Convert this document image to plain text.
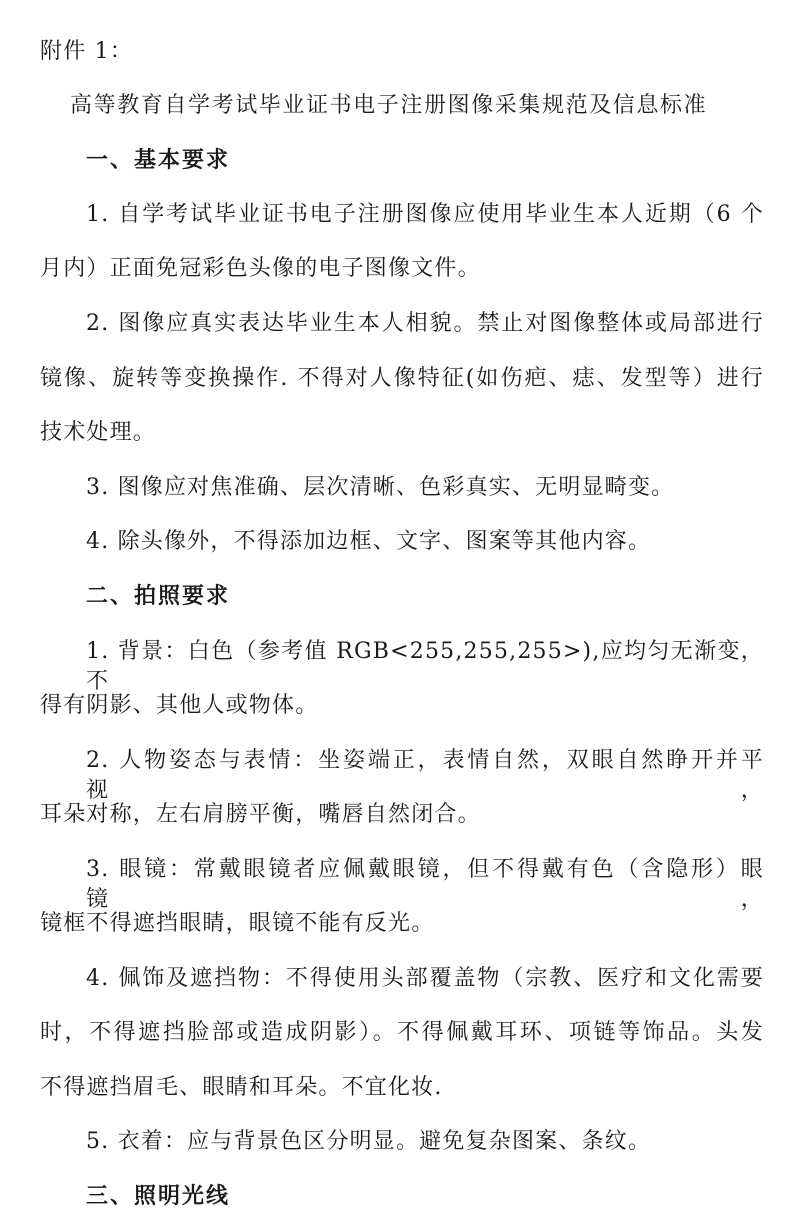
附件 1：
高等教育自学考试毕业证书电子注册图像采集规范及信息标准
一、基本要求
1. 自学考试毕业证书电子注册图像应使用毕业生本人近期（6 个
月内）正面免冠彩色头像的电子图像文件。
2. 图像应真实表达毕业生本人相貌。禁止对图像整体或局部进行
镜像、旋转等变换操作. 不得对人像特征(如伤疤、痣、发型等）进行
技术处理。
3. 图像应对焦准确、层次清晰、色彩真实、无明显畸变。
4. 除头像外，不得添加边框、文字、图案等其他内容。
二、拍照要求
1. 背景：白色（参考值 RGB<255,255,255>),应均匀无渐变，不
得有阴影、其他人或物体。
2. 人物姿态与表情：坐姿端正，表情自然，双眼自然睁开并平视，
耳朵对称，左右肩膀平衡，嘴唇自然闭合。
3. 眼镜：常戴眼镜者应佩戴眼镜，但不得戴有色（含隐形）眼镜，
镜框不得遮挡眼睛，眼镜不能有反光。
4. 佩饰及遮挡物：不得使用头部覆盖物（宗教、医疗和文化需要
时，不得遮挡脸部或造成阴影）。不得佩戴耳环、项链等饰品。头发
不得遮挡眉毛、眼睛和耳朵。不宜化妆.
5. 衣着：应与背景色区分明显。避免复杂图案、条纹。
三、照明光线
